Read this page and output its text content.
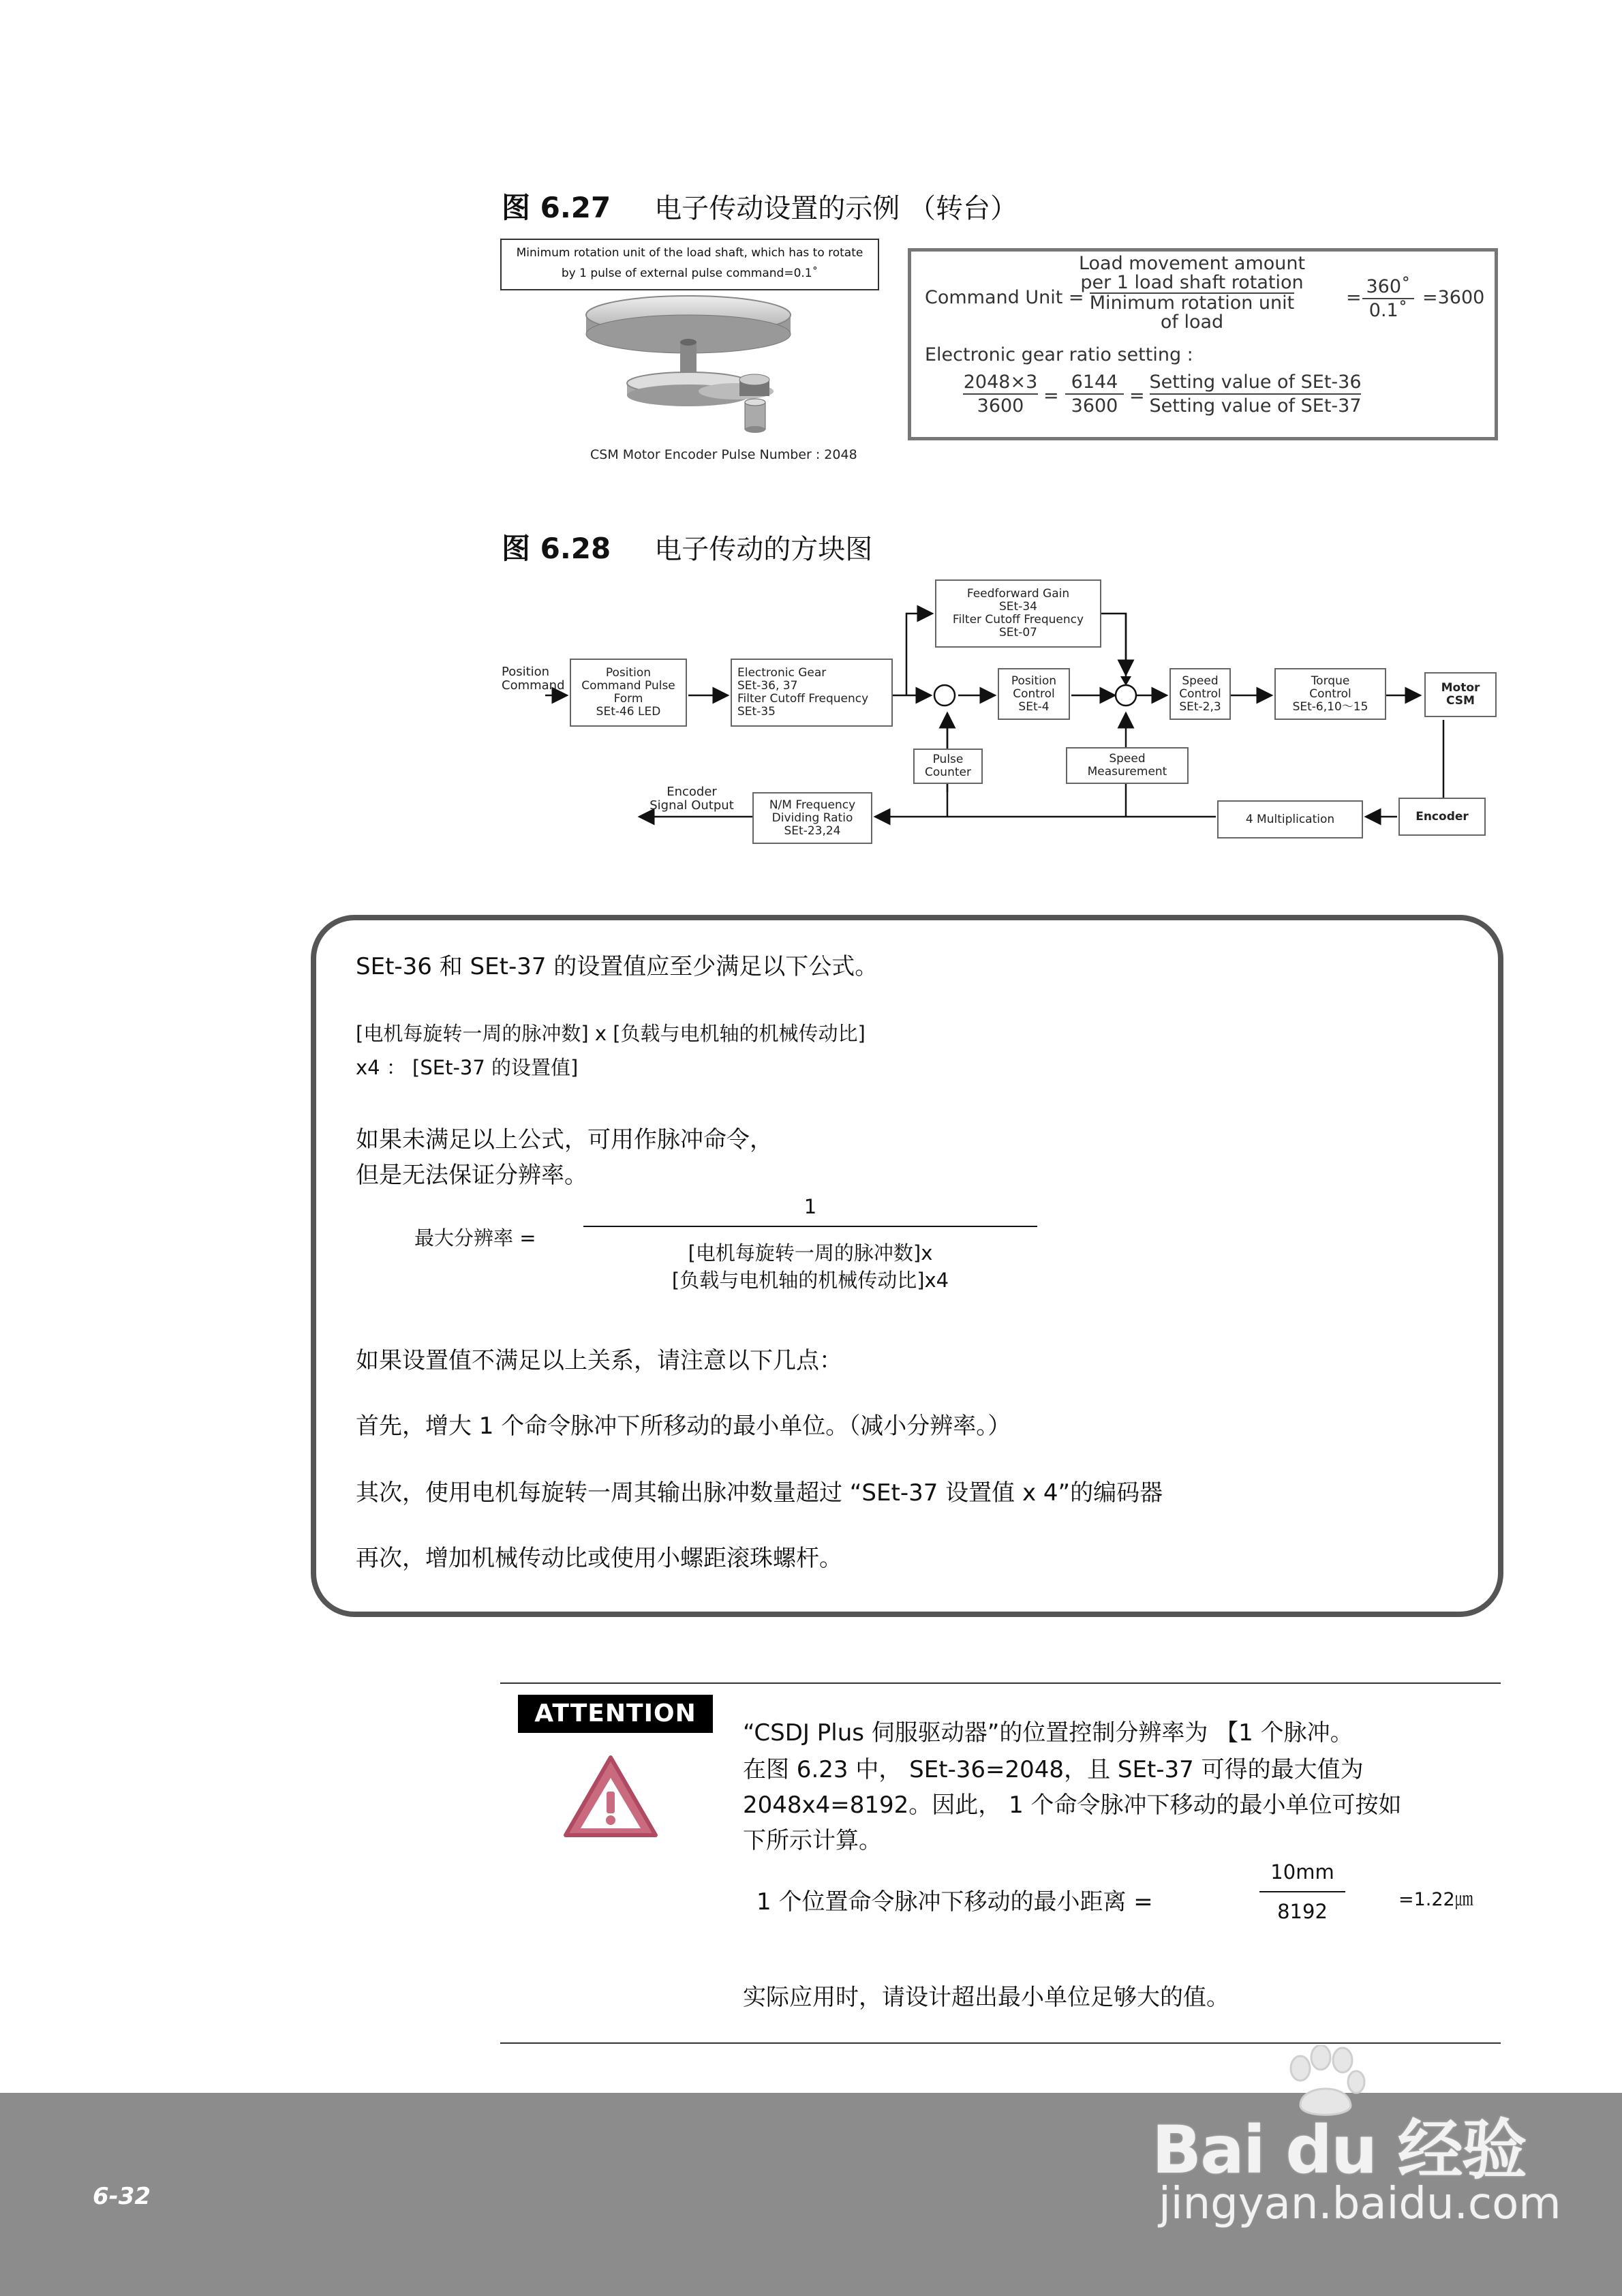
图 6.27 电子传动设置的示例 （转台）
Minimum rotation unit of the load shaft, which has to rotate
by 1 pulse of external pulse command=0.1˚
CSM Motor Encoder Pulse Number : 2048
Command Unit =
Load movement amount
per 1 load shaft rotation
Minimum rotation unit
of load
=
360˚
0.1˚
=3600
Electronic gear ratio setting :
2048×3
3600 =
6144
3600 =
Setting value of SEt-36
Setting value of SEt-37
图 6.28 电子传动的方块图
Position
Command
Position
Command Pulse
Form
SEt-46 LED
Electronic Gear
SEt-36, 37
Filter Cutoff Frequency
SEt-35
Feedforward Gain
SEt-34
Filter Cutoff Frequency
SEt-07
Position
Control
SEt-4
Speed
Control
SEt-2,3
Torque
Control
SEt-6,10～15
Motor
CSM
Pulse
Counter
Speed
Measurement
N/M Frequency
Dividing Ratio
SEt-23,24
4 Multiplication	Encoder
Encoder
Signal Output
SEt-36 和 SEt-37 的设置值应至少满足以下公式。
[电机每旋转一周的脉冲数] x [负载与电机轴的机械传动比]
x4 ： [SEt-37 的设置值]
如果未满足以上公式，可用作脉冲命令，
但是无法保证分辨率。
最大分辨率 =
1
[电机每旋转一周的脉冲数]x
[负载与电机轴的机械传动比]x4
如果设置值不满足以上关系，请注意以下几点：
首先，增大 1 个命令脉冲下所移动的最小单位。（减小分辨率。）
其次，使用电机每旋转一周其输出脉冲数量超过 “SEt-37 设置值 x 4”的编码器
再次，增加机械传动比或使用小螺距滚珠螺杆。
ATTENTION
“CSDJ Plus 伺服驱动器”的位置控制分辨率为 【1 个脉冲。
在图 6.23 中， SEt-36=2048，且 SEt-37 可得的最大值为
2048x4=8192。因此， 1 个命令脉冲下移动的最小单位可按如
下所示计算。
1 个位置命令脉冲下移动的最小距离 =
10mm
8192
=1.22㎛
实际应用时，请设计超出最小单位足够大的值。
6-32
Bai du 经验
jingyan.baidu.com
